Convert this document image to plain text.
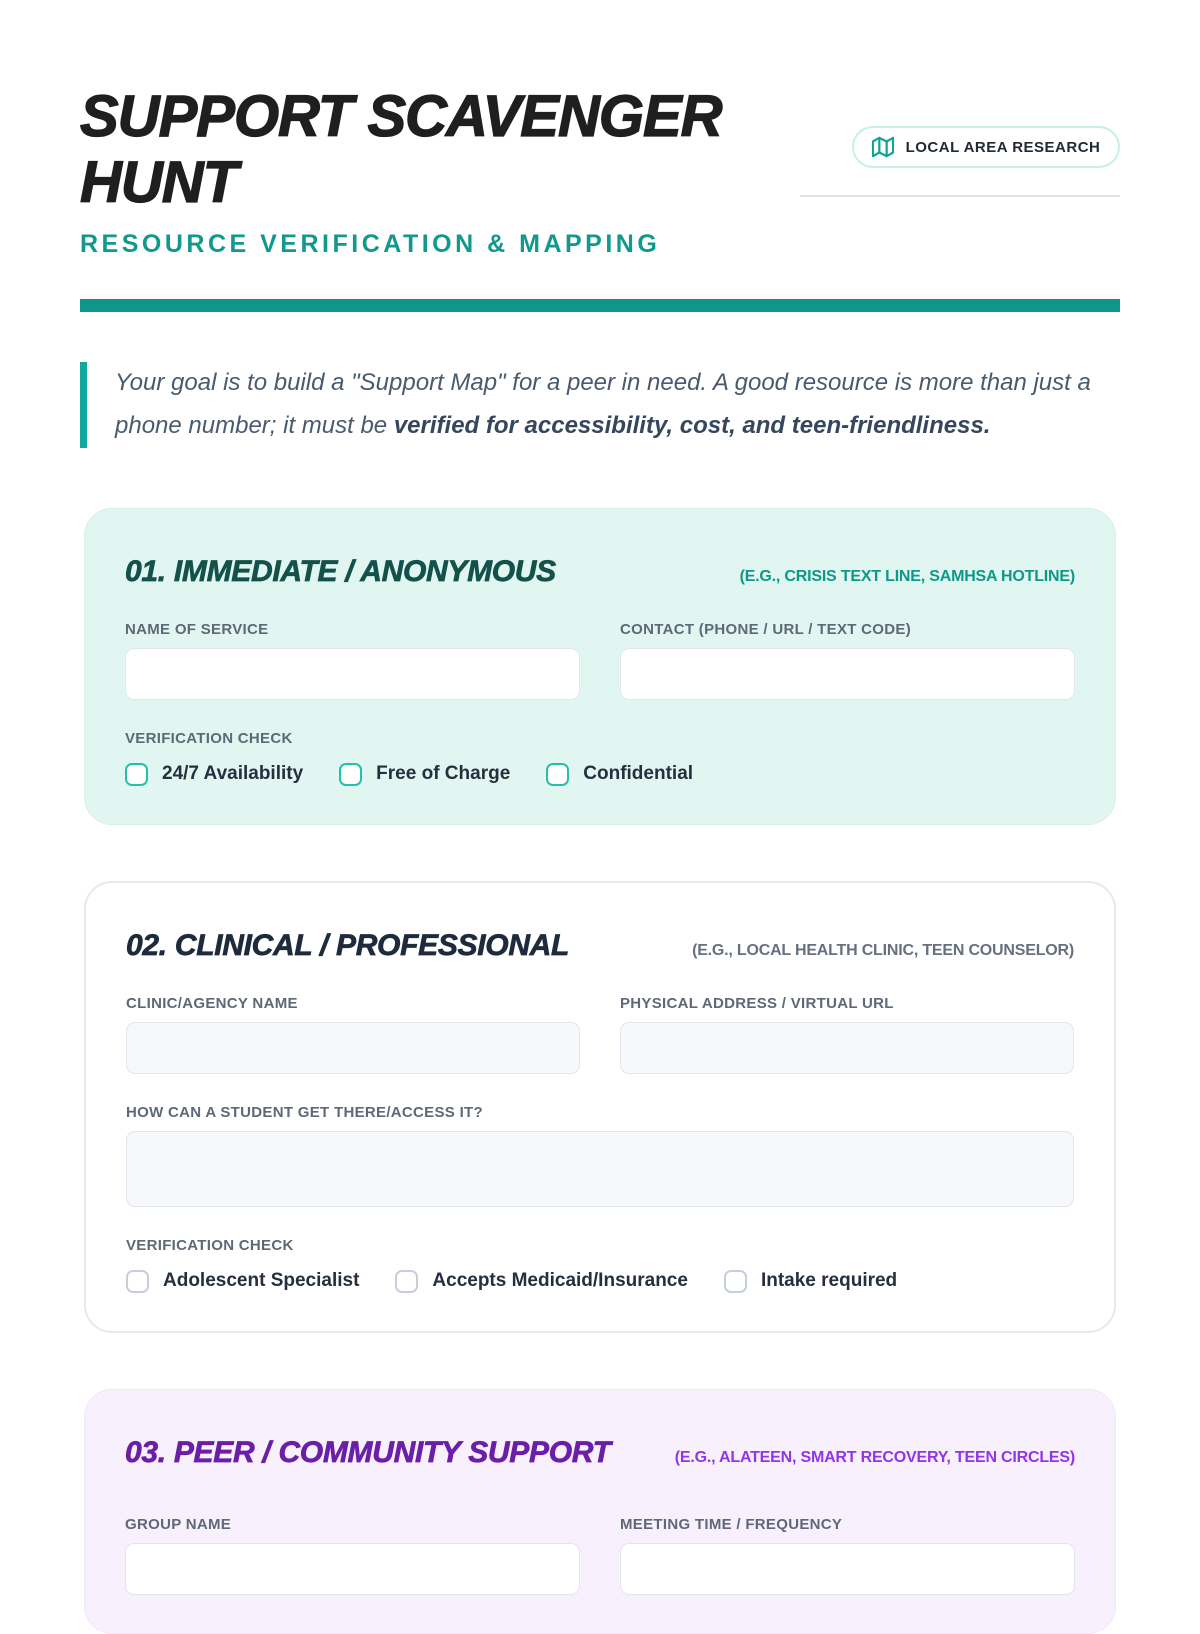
SUPPORT SCAVENGER HUNT
RESOURCE VERIFICATION & MAPPING
LOCAL AREA RESEARCH
Your goal is to build a "Support Map" for a peer in need. A good resource is more than just a phone number; it must be verified for accessibility, cost, and teen-friendliness.
01. IMMEDIATE / ANONYMOUS	(E.G., CRISIS TEXT LINE, SAMHSA HOTLINE)
NAME OF SERVICE	CONTACT (PHONE / URL / TEXT CODE)
VERIFICATION CHECK
24/7 Availability	Free of Charge	Confidential
02. CLINICAL / PROFESSIONAL	(E.G., LOCAL HEALTH CLINIC, TEEN COUNSELOR)
CLINIC/AGENCY NAME	PHYSICAL ADDRESS / VIRTUAL URL
HOW CAN A STUDENT GET THERE/ACCESS IT?
VERIFICATION CHECK
Adolescent Specialist	Accepts Medicaid/Insurance	Intake required
03. PEER / COMMUNITY SUPPORT	(E.G., ALATEEN, SMART RECOVERY, TEEN CIRCLES)
GROUP NAME	MEETING TIME / FREQUENCY
